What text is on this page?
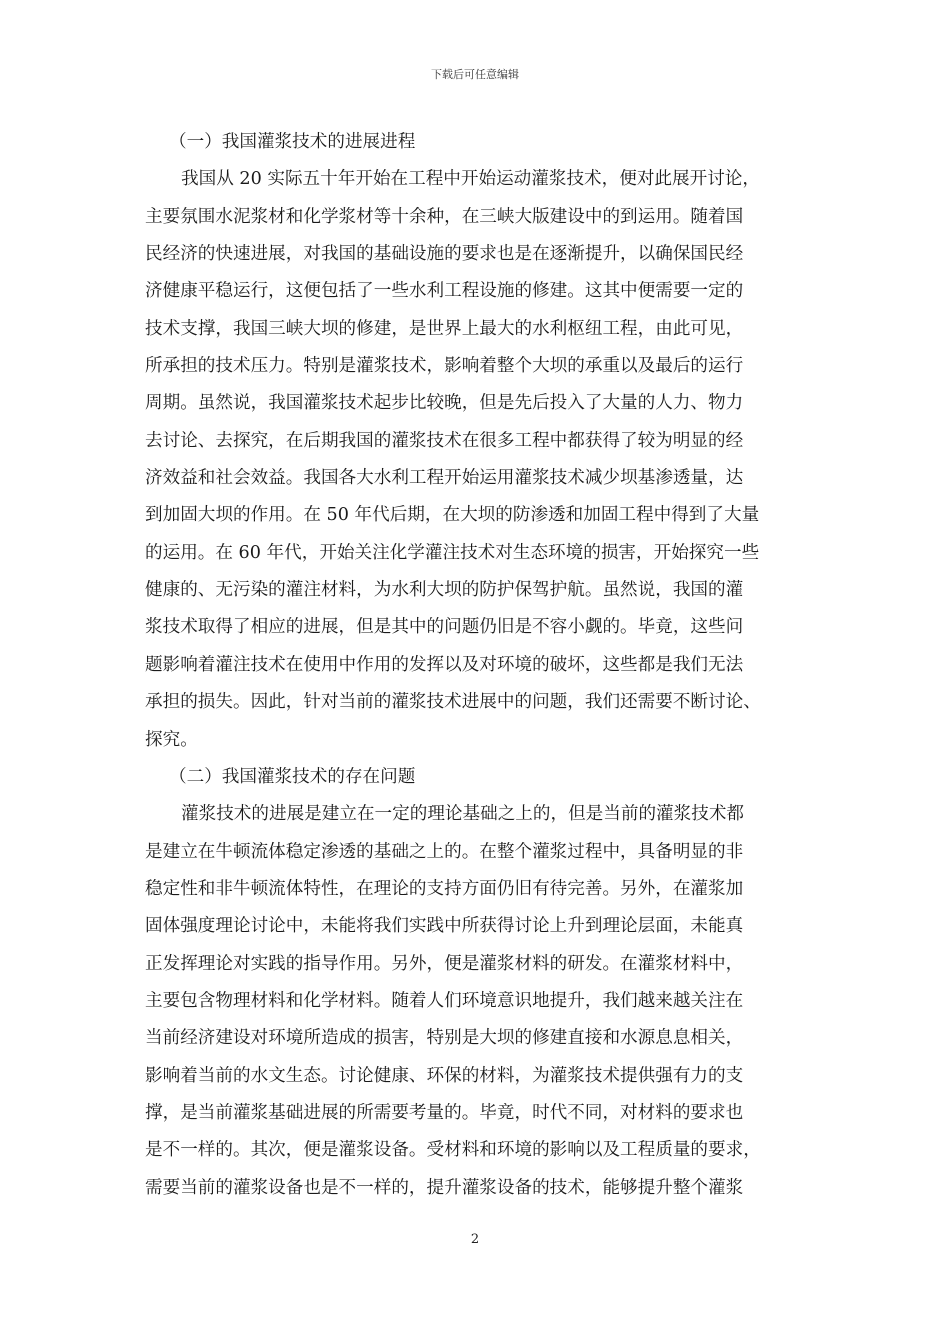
下载后可任意编辑
（一）我国灌浆技术的进展进程
我国从 20 实际五十年开始在工程中开始运动灌浆技术，便对此展开讨论，
主要氛围水泥浆材和化学浆材等十余种，在三峡大版建设中的到运用。随着国
民经济的快速进展，对我国的基础设施的要求也是在逐渐提升，以确保国民经
济健康平稳运行，这便包括了一些水利工程设施的修建。这其中便需要一定的
技术支撑，我国三峡大坝的修建，是世界上最大的水利枢纽工程，由此可见，
所承担的技术压力。特别是灌浆技术，影响着整个大坝的承重以及最后的运行
周期。虽然说，我国灌浆技术起步比较晚，但是先后投入了大量的人力、物力
去讨论、去探究，在后期我国的灌浆技术在很多工程中都获得了较为明显的经
济效益和社会效益。我国各大水利工程开始运用灌浆技术减少坝基渗透量，达
到加固大坝的作用。在 50 年代后期，在大坝的防渗透和加固工程中得到了大量
的运用。在 60 年代，开始关注化学灌注技术对生态环境的损害，开始探究一些
健康的、无污染的灌注材料，为水利大坝的防护保驾护航。虽然说，我国的灌
浆技术取得了相应的进展，但是其中的问题仍旧是不容小觑的。毕竟，这些问
题影响着灌注技术在使用中作用的发挥以及对环境的破坏，这些都是我们无法
承担的损失。因此，针对当前的灌浆技术进展中的问题，我们还需要不断讨论、
探究。
（二）我国灌浆技术的存在问题
灌浆技术的进展是建立在一定的理论基础之上的，但是当前的灌浆技术都
是建立在牛顿流体稳定渗透的基础之上的。在整个灌浆过程中，具备明显的非
稳定性和非牛顿流体特性，在理论的支持方面仍旧有待完善。另外，在灌浆加
固体强度理论讨论中，未能将我们实践中所获得讨论上升到理论层面，未能真
正发挥理论对实践的指导作用。另外，便是灌浆材料的研发。在灌浆材料中，
主要包含物理材料和化学材料。随着人们环境意识地提升，我们越来越关注在
当前经济建设对环境所造成的损害，特别是大坝的修建直接和水源息息相关，
影响着当前的水文生态。讨论健康、环保的材料，为灌浆技术提供强有力的支
撑，是当前灌浆基础进展的所需要考量的。毕竟，时代不同，对材料的要求也
是不一样的。其次，便是灌浆设备。受材料和环境的影响以及工程质量的要求，
需要当前的灌浆设备也是不一样的，提升灌浆设备的技术，能够提升整个灌浆
2
